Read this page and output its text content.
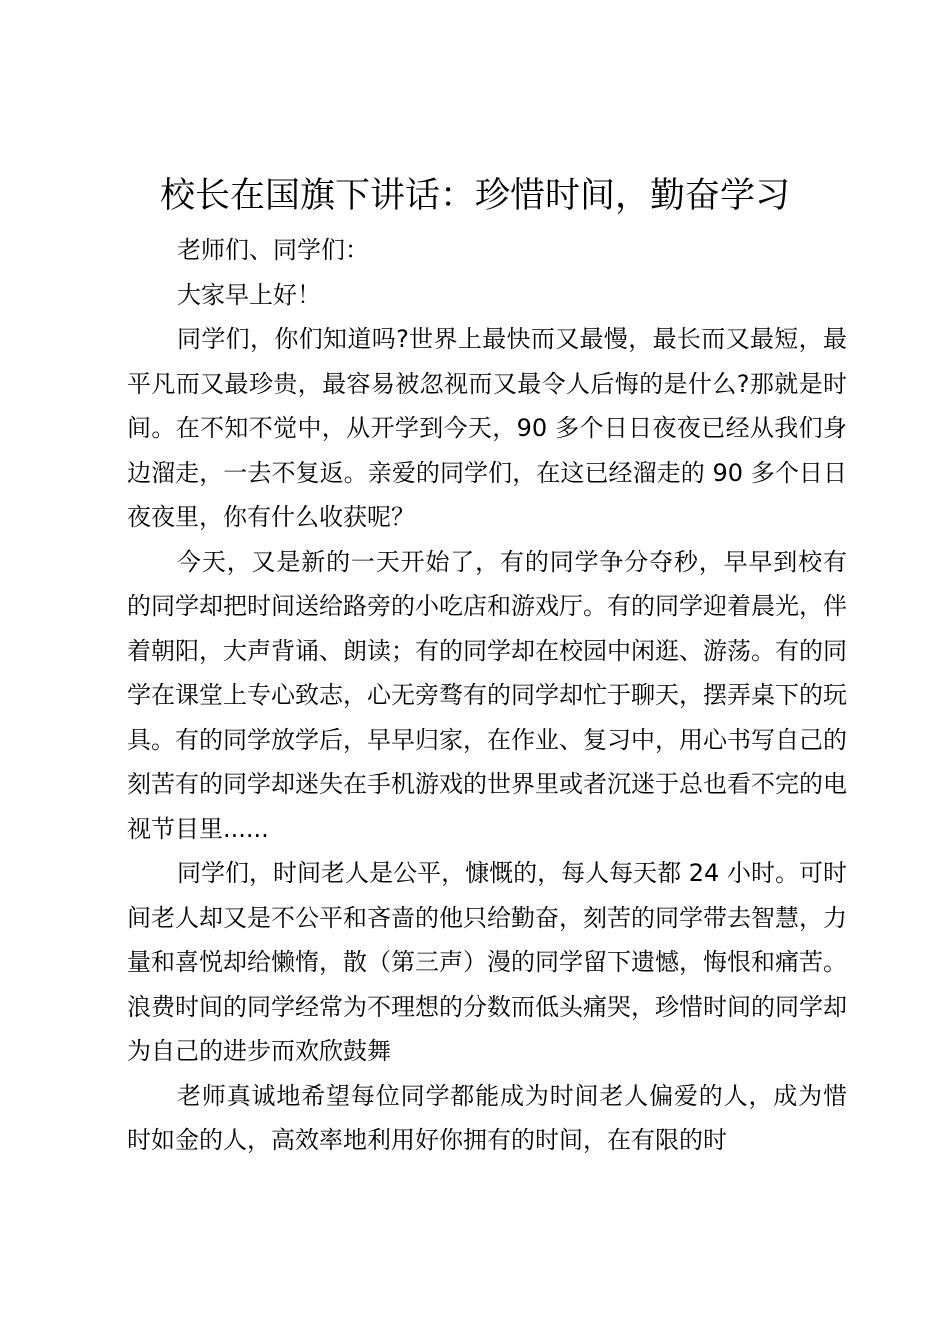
校长在国旗下讲话：珍惜时间，勤奋学习

老师们、同学们：

大家早上好！

同学们，你们知道吗?世界上最快而又最慢，最长而又最短，最平凡而又最珍贵，最容易被忽视而又最令人后悔的是什么?那就是时间。在不知不觉中，从开学到今天，90 多个日日夜夜已经从我们身边溜走，一去不复返。亲爱的同学们，在这已经溜走的 90 多个日日夜夜里，你有什么收获呢？

今天，又是新的一天开始了，有的同学争分夺秒，早早到校有的同学却把时间送给路旁的小吃店和游戏厅。有的同学迎着晨光，伴着朝阳，大声背诵、朗读；有的同学却在校园中闲逛、游荡。有的同学在课堂上专心致志，心无旁骛有的同学却忙于聊天，摆弄桌下的玩具。有的同学放学后，早早归家，在作业、复习中，用心书写自己的刻苦有的同学却迷失在手机游戏的世界里或者沉迷于总也看不完的电视节目里......

同学们，时间老人是公平，慷慨的，每人每天都 24 小时。可时间老人却又是不公平和吝啬的他只给勤奋，刻苦的同学带去智慧，力量和喜悦却给懒惰，散（第三声）漫的同学留下遗憾，悔恨和痛苦。浪费时间的同学经常为不理想的分数而低头痛哭，珍惜时间的同学却为自己的进步而欢欣鼓舞

老师真诚地希望每位同学都能成为时间老人偏爱的人，成为惜时如金的人，高效率地利用好你拥有的时间，在有限的时
